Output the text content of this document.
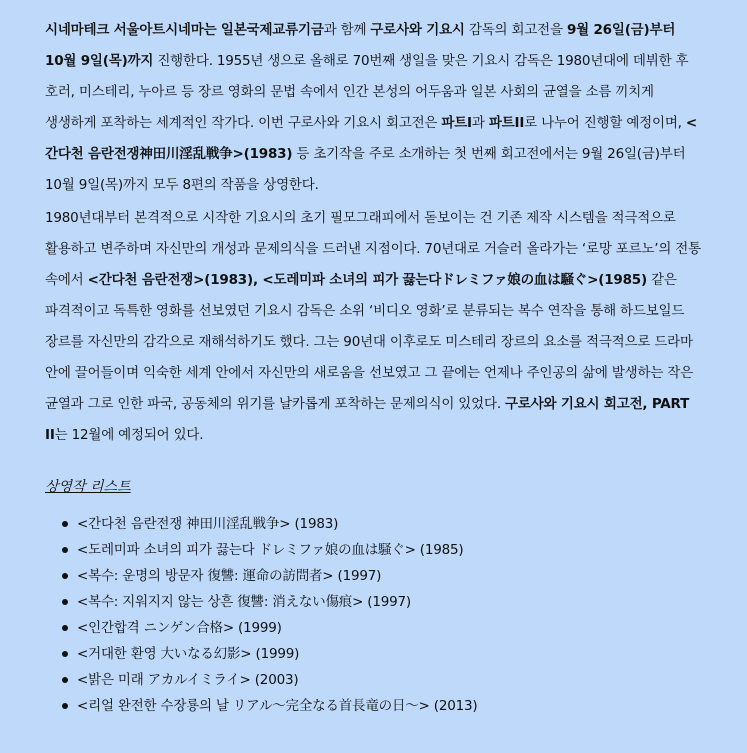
시네마테크 서울아트시네마는 일본국제교류기금과 함께 구로사와 기요시 감독의 회고전을 9월 26일(금)부터 10월 9일(목)까지 진행한다. 1955년 생으로 올해로 70번째 생일을 맞은 기요시 감독은 1980년대에 데뷔한 후 호러, 미스테리, 누아르 등 장르 영화의 문법 속에서 인간 본성의 어두움과 일본 사회의 균열을 소름 끼치게 생생하게 포착하는 세계적인 작가다. 이번 구로사와 기요시 회고전은 파트I과 파트II로 나누어 진행할 예정이며, <간다천 음란전쟁神田川淫乱戦争>(1983) 등 초기작을 주로 소개하는 첫 번째 회고전에서는 9월 26일(금)부터 10월 9일(목)까지 모두 8편의 작품을 상영한다.

1980년대부터 본격적으로 시작한 기요시의 초기 필모그래피에서 돋보이는 건 기존 제작 시스템을 적극적으로 활용하고 변주하며 자신만의 개성과 문제의식을 드러낸 지점이다. 70년대로 거슬러 올라가는 ‘로망 포르노’의 전통 속에서 <간다천 음란전쟁>(1983), <도레미파 소녀의 피가 끓는다ドレミファ娘の血は騒ぐ>(1985) 같은 파격적이고 독특한 영화를 선보였던 기요시 감독은 소위 ‘비디오 영화’로 분류되는 복수 연작을 통해 하드보일드 장르를 자신만의 감각으로 재해석하기도 했다. 그는 90년대 이후로도 미스테리 장르의 요소를 적극적으로 드라마 안에 끌어들이며 익숙한 세계 안에서 자신만의 새로움을 선보였고 그 끝에는 언제나 주인공의 삶에 발생하는 작은 균열과 그로 인한 파국, 공동체의 위기를 날카롭게 포착하는 문제의식이 있었다. 구로사와 기요시 회고전, PART II는 12월에 예정되어 있다.

상영작 리스트
<간다천 음란전쟁 神田川淫乱戦争> (1983)
<도레미파 소녀의 피가 끓는다 ドレミファ娘の血は騒ぐ> (1985)
<복수: 운명의 방문자 復讐: 運命の訪問者> (1997)
<복수: 지워지지 않는 상흔 復讐: 消えない傷痕> (1997)
<인간합격 ニンゲン合格> (1999)
<거대한 환영 大いなる幻影> (1999)
<밝은 미래 アカルイミライ> (2003)
<리얼 완전한 수장룡의 날 リアル～完全なる首長竜の日～> (2013)
